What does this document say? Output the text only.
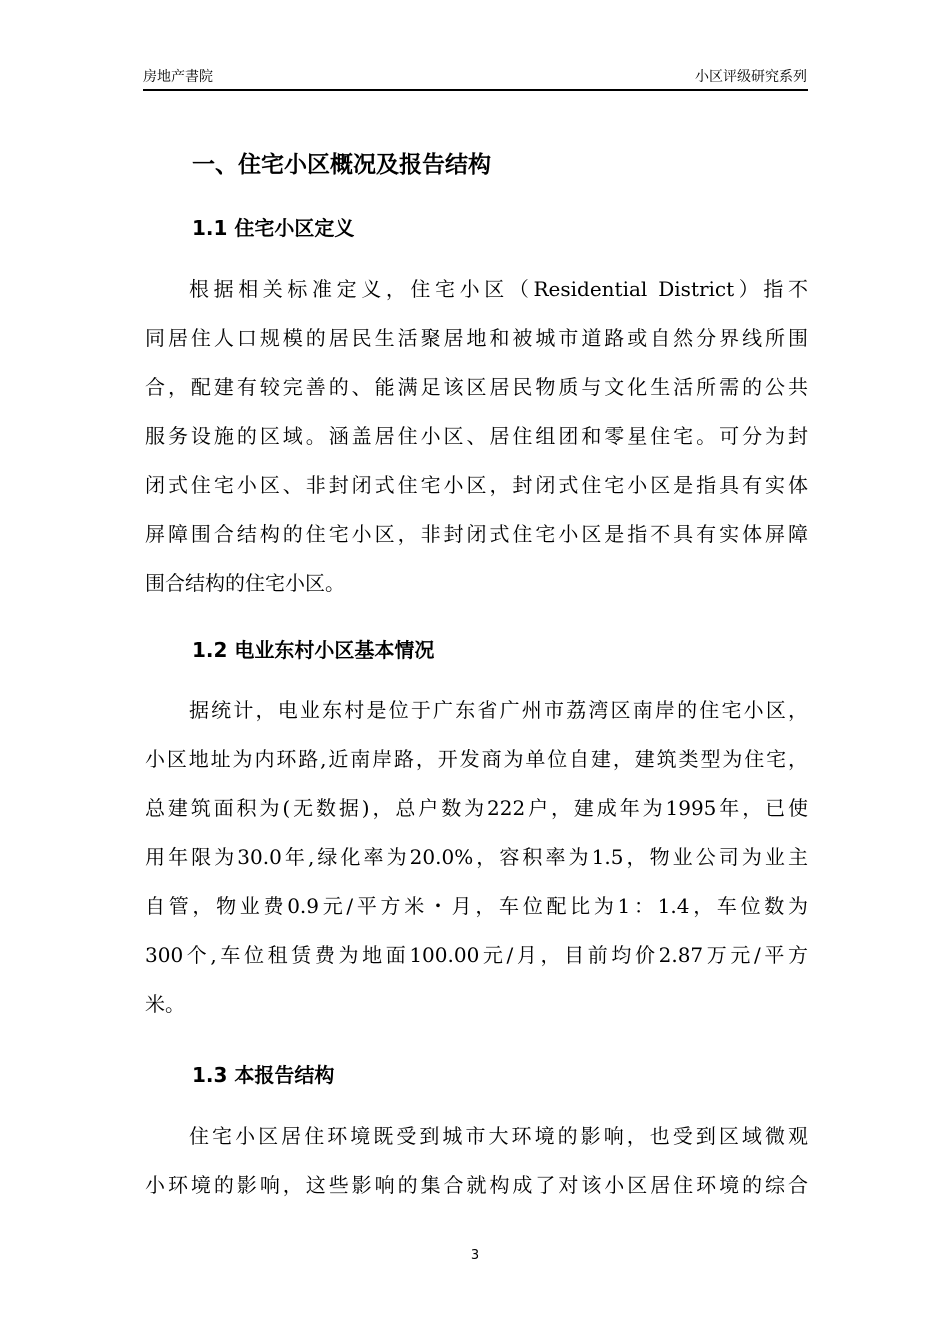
房地产書院	小区评级研究系列
一、住宅小区概况及报告结构
1.1 住宅小区定义
根据相关标准定义，住宅小区（Residential District）指不
同居住人口规模的居民生活聚居地和被城市道路或自然分界线所围
合，配建有较完善的、能满足该区居民物质与文化生活所需的公共
服务设施的区域。涵盖居住小区、居住组团和零星住宅。可分为封
闭式住宅小区、非封闭式住宅小区，封闭式住宅小区是指具有实体
屏障围合结构的住宅小区，非封闭式住宅小区是指不具有实体屏障
围合结构的住宅小区。
1.2 电业东村小区基本情况
据统计，电业东村是位于广东省广州市荔湾区南岸的住宅小区，
小区地址为内环路,近南岸路，开发商为单位自建，建筑类型为住宅，
总建筑面积为(无数据)，总户数为222户，建成年为1995年，已使
用年限为30.0年,绿化率为20.0%，容积率为1.5，物业公司为业主
自管，物业费0.9元/平方米・月，车位配比为1：1.4，车位数为
300个,车位租赁费为地面100.00元/月，目前均价2.87万元/平方
米。
1.3 本报告结构
住宅小区居住环境既受到城市大环境的影响，也受到区域微观
小环境的影响，这些影响的集合就构成了对该小区居住环境的综合
3
